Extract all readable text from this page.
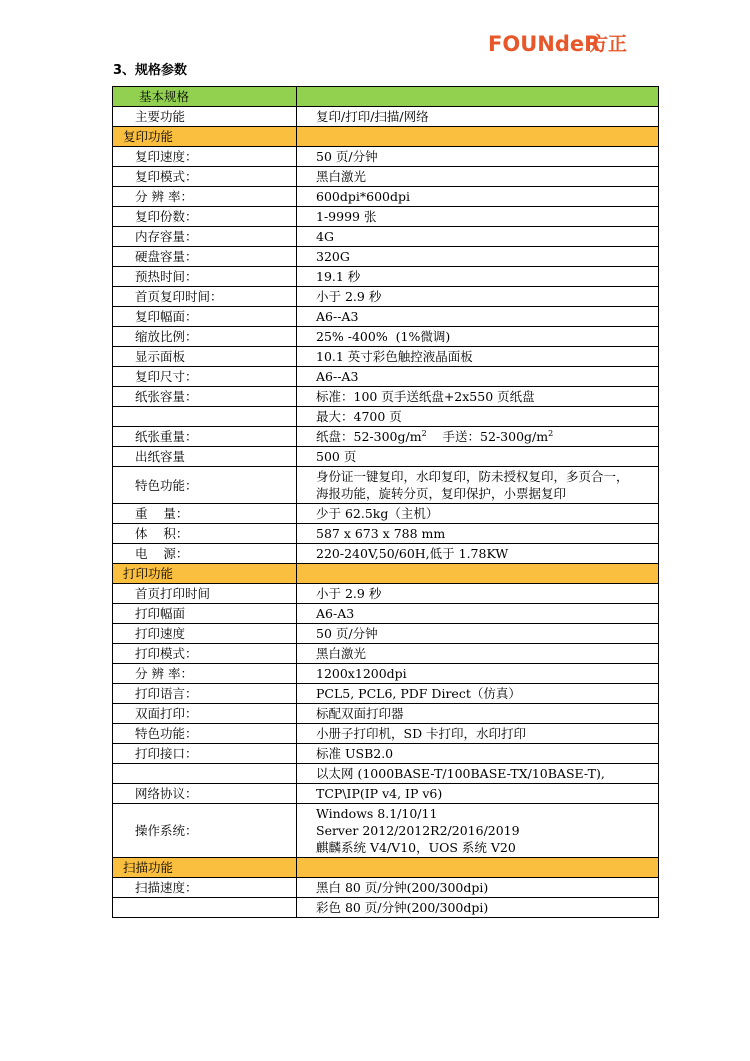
FOUNdeR
方正
3、规格参数
基本规格	
主要功能	复印/打印/扫描/网络

复印功能	
复印速度：	50 页/分钟

复印模式：	黑白激光

分 辨 率：	600dpi*600dpi

复印份数：	1-9999 张

内存容量：	4G

硬盘容量：	320G

预热时间：	19.1 秒

首页复印时间：	小于 2.9 秒

复印幅面：	A6--A3

缩放比例：	25% -400%  (1%微调)

显示面板	10.1 英寸彩色触控液晶面板

复印尺寸：	A6--A3

纸张容量：	标准：100 页手送纸盘+2x550 页纸盘

	最大：4700 页

纸张重量：	纸盘：$52-300g/m^2$    手送：$52-300g/m^2$
出纸容量	500 页

特色功能：	身份证一键复印，水印复印，防未授权复印，多页合一，
海报功能，旋转分页，复印保护，小票据复印

重    量：	少于 62.5kg（主机）

体    积：	587 x 673 x 788 mm

电    源：	220-240V,50/60H,低于 1.78KW

打印功能	
首页打印时间	小于 2.9 秒

打印幅面	A6-A3

打印速度	50 页/分钟

打印模式：	黑白激光

分 辨 率：	1200x1200dpi

打印语言：	PCL5, PCL6, PDF Direct（仿真）

双面打印：	标配双面打印器

特色功能：	小册子打印机，SD 卡打印，水印打印

打印接口：	标准 USB2.0

	以太网 (1000BASE-T/100BASE-TX/10BASE-T),

网络协议：	TCP\IP(IP v4, IP v6)

操作系统：	Windows 8.1/10/11
Server 2012/2012R2/2016/2019
麒麟系统 V4/V10，UOS 系统 V20

扫描功能	
扫描速度：	黑白 80 页/分钟(200/300dpi)

	彩色 80 页/分钟(200/300dpi)
